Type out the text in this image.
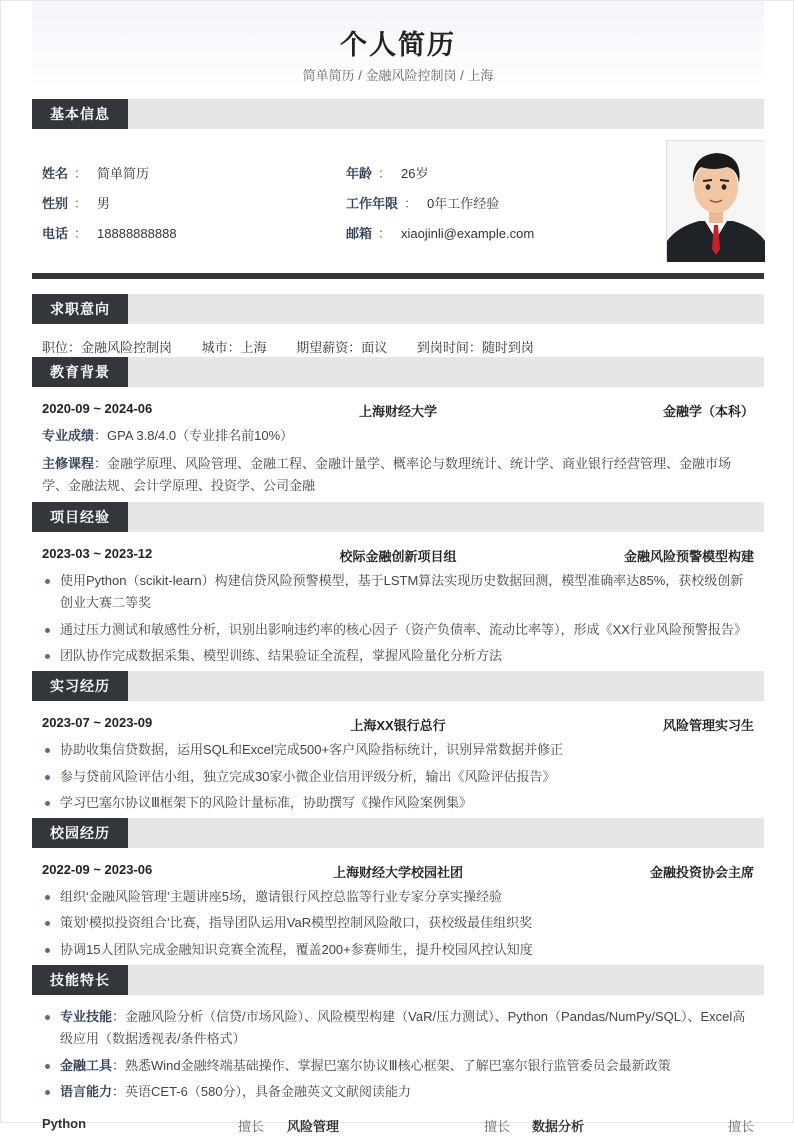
个人简历
简单简历 / 金融风险控制岗 / 上海
基本信息
姓名 ： 简单简历	年龄 ： 26岁
性别 ： 男	工作年限 ： 0年工作经验
电话 ： 18888888888	邮箱 ： xiaojinli@example.com
求职意向
职位：金融风险控制岗 城市：上海 期望薪资：面议 到岗时间：随时到岗
教育背景
2020-09 ~ 2024-06	上海财经大学	金融学（本科）
专业成绩：GPA 3.8/4.0（专业排名前10%）
主修课程：金融学原理、风险管理、金融工程、金融计量学、概率论与数理统计、统计学、商业银行经营管理、金融市场学、金融法规、会计学原理、投资学、公司金融
项目经验
2023-03 ~ 2023-12	校际金融创新项目组	金融风险预警模型构建
使用Python（scikit-learn）构建信贷风险预警模型，基于LSTM算法实现历史数据回测，模型准确率达85%，获校级创新创业大赛二等奖
通过压力测试和敏感性分析，识别出影响违约率的核心因子（资产负债率、流动比率等），形成《XX行业风险预警报告》
团队协作完成数据采集、模型训练、结果验证全流程，掌握风险量化分析方法
实习经历
2023-07 ~ 2023-09	上海XX银行总行	风险管理实习生
协助收集信贷数据，运用SQL和Excel完成500+客户风险指标统计，识别异常数据并修正
参与贷前风险评估小组，独立完成30家小微企业信用评级分析，输出《风险评估报告》
学习巴塞尔协议Ⅲ框架下的风险计量标准，协助撰写《操作风险案例集》
校园经历
2022-09 ~ 2023-06	上海财经大学校园社团	金融投资协会主席
组织‘金融风险管理’主题讲座5场，邀请银行风控总监等行业专家分享实操经验
策划‘模拟投资组合’比赛，指导团队运用VaR模型控制风险敞口，获校级最佳组织奖
协调15人团队完成金融知识竞赛全流程，覆盖200+参赛师生，提升校园风控认知度
技能特长
专业技能：金融风险分析（信贷/市场风险）、风险模型构建（VaR/压力测试）、Python（Pandas/NumPy/SQL）、Excel高级应用（数据透视表/条件格式）
金融工具：熟悉Wind金融终端基础操作、掌握巴塞尔协议Ⅲ核心框架、了解巴塞尔银行监管委员会最新政策
语言能力：英语CET-6（580分），具备金融英文文献阅读能力
Python	擅长 风险管理	擅长 数据分析	擅长
